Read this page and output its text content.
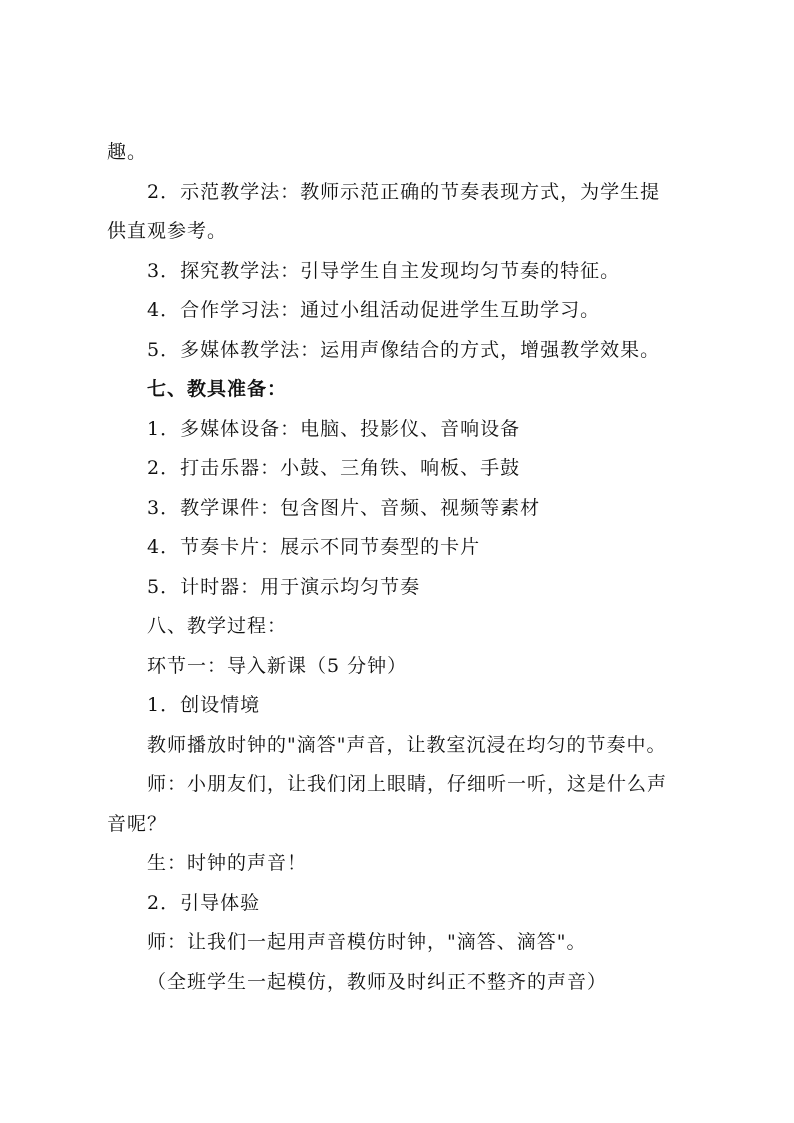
趣。
2．示范教学法：教师示范正确的节奏表现方式，为学生提
供直观参考。
3．探究教学法：引导学生自主发现均匀节奏的特征。
4．合作学习法：通过小组活动促进学生互助学习。
5．多媒体教学法：运用声像结合的方式，增强教学效果。
七、教具准备：
1．多媒体设备：电脑、投影仪、音响设备
2．打击乐器：小鼓、三角铁、响板、手鼓
3．教学课件：包含图片、音频、视频等素材
4．节奏卡片：展示不同节奏型的卡片
5．计时器：用于演示均匀节奏
八、教学过程：
环节一：导入新课（5 分钟）
1．创设情境
教师播放时钟的"滴答"声音，让教室沉浸在均匀的节奏中。
师：小朋友们，让我们闭上眼睛，仔细听一听，这是什么声
音呢？
生：时钟的声音！
2．引导体验
师：让我们一起用声音模仿时钟，"滴答、滴答"。
（全班学生一起模仿，教师及时纠正不整齐的声音）
